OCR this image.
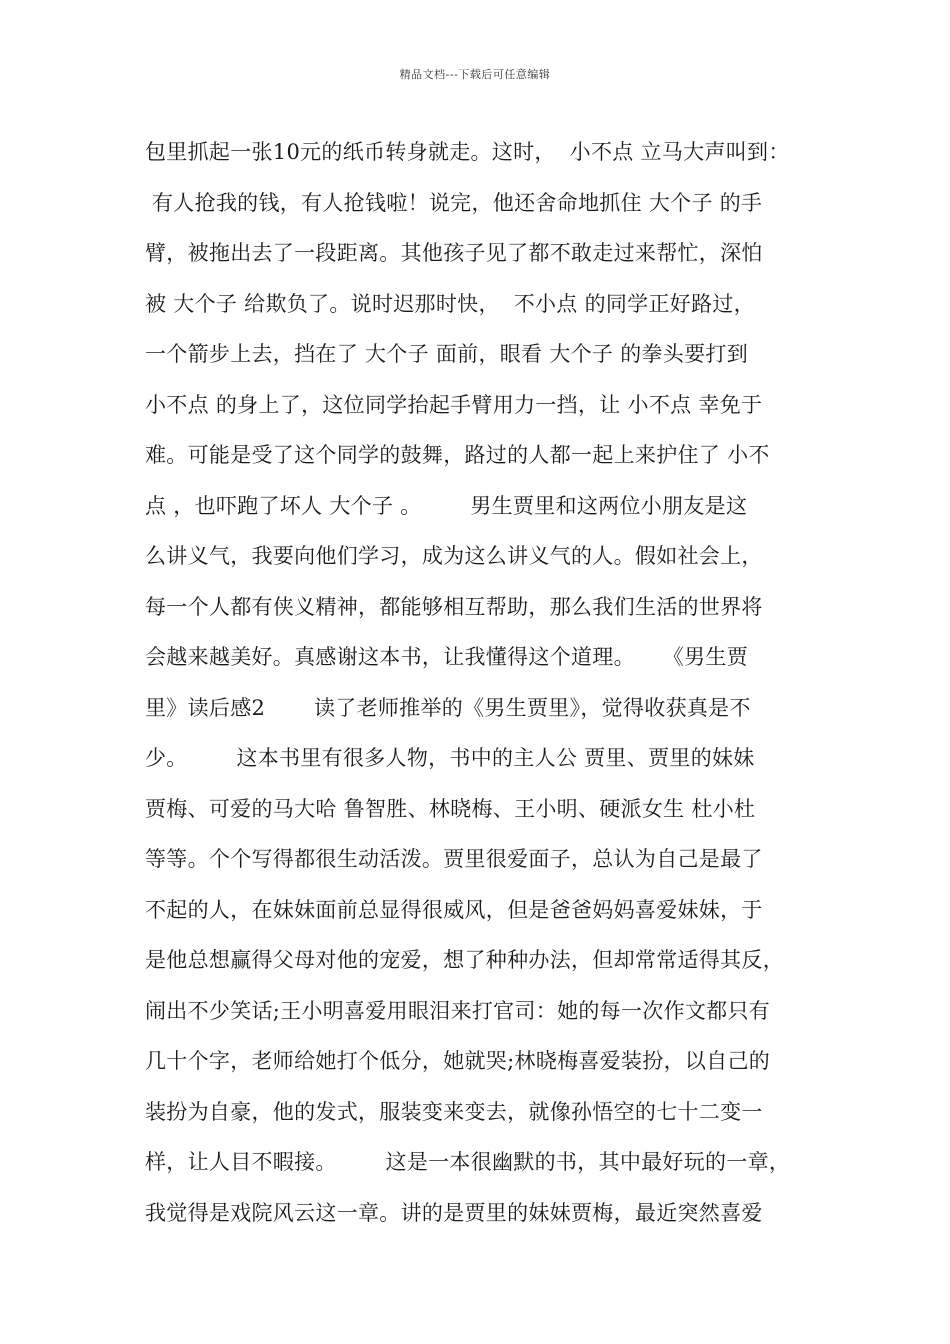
精品文档---下载后可任意编辑
包里抓起一张10元的纸币转身就走。这时，  小不点 立马大声叫到：
有人抢我的钱，有人抢钱啦！说完，他还舍命地抓住 大个子 的手
臂，被拖出去了一段距离。其他孩子见了都不敢走过来帮忙，深怕
被 大个子 给欺负了。说时迟那时快，  不小点 的同学正好路过，
一个箭步上去，挡在了 大个子 面前，眼看 大个子 的拳头要打到
小不点 的身上了，这位同学抬起手臂用力一挡，让 小不点 幸免于
难。可能是受了这个同学的鼓舞，路过的人都一起上来护住了 小不
点 ，也吓跑了坏人 大个子 。       男生贾里和这两位小朋友是这
么讲义气，我要向他们学习，成为这么讲义气的人。假如社会上，
每一个人都有侠义精神，都能够相互帮助，那么我们生活的世界将
会越来越美好。真感谢这本书，让我懂得这个道理。    《男生贾
里》读后感2       读了老师推举的《男生贾里》，觉得收获真是不
少。       这本书里有很多人物，书中的主人公 贾里、贾里的妹妹
贾梅、可爱的马大哈 鲁智胜、林晓梅、王小明、硬派女生 杜小杜
等等。个个写得都很生动活泼。贾里很爱面子，总认为自己是最了
不起的人，在妹妹面前总显得很威风，但是爸爸妈妈喜爱妹妹，于
是他总想赢得父母对他的宠爱，想了种种办法，但却常常适得其反，
闹出不少笑话;王小明喜爱用眼泪来打官司：她的每一次作文都只有
几十个字，老师给她打个低分，她就哭;林晓梅喜爱装扮，以自己的
装扮为自豪，他的发式，服装变来变去，就像孙悟空的七十二变一
样，让人目不暇接。       这是一本很幽默的书，其中最好玩的一章，
我觉得是戏院风云这一章。讲的是贾里的妹妹贾梅，最近突然喜爱
